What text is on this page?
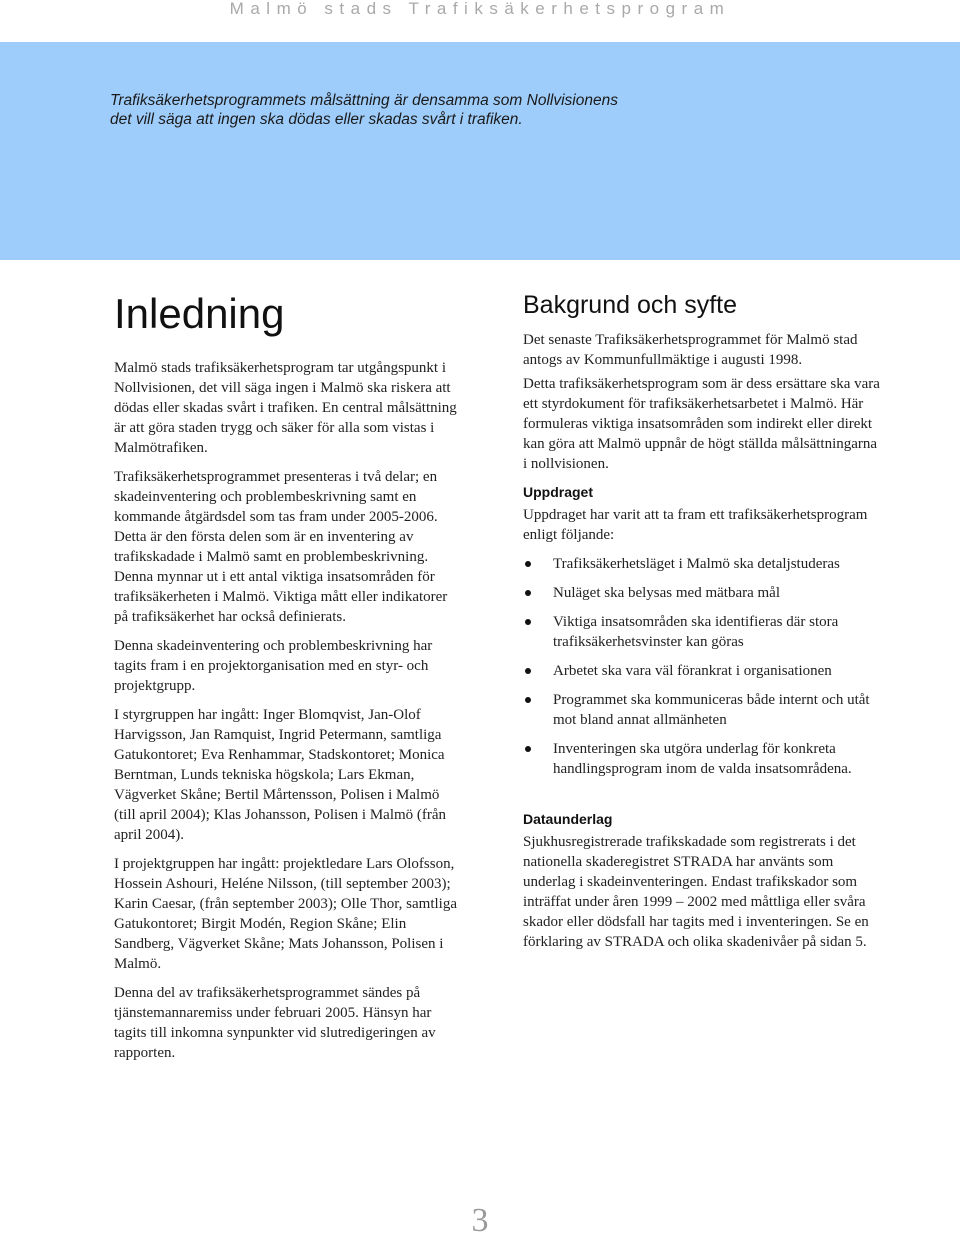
Malmö stads Trafiksäkerhetsprogram
Trafiksäkerhetsprogrammets målsättning är densamma som Nollvisionens
det vill säga att ingen ska dödas eller skadas svårt i trafiken.
Inledning

Malmö stads trafiksäkerhetsprogram tar utgångspunkt i Nollvisionen, det vill säga ingen i Malmö ska riskera att dödas eller skadas svårt i trafiken. En central målsättning är att göra staden trygg och säker för alla som vistas i Malmötrafiken.

Trafiksäkerhetsprogrammet presenteras i två delar; en skadeinventering och problembeskrivning samt en kommande åtgärdsdel som tas fram under 2005-2006. Detta är den första delen som är en inventering av trafikskadade i Malmö samt en problembeskrivning. Denna mynnar ut i ett antal viktiga insatsområden för trafiksäkerheten i Malmö. Viktiga mått eller indikatorer på trafiksäkerhet har också definierats.

Denna skadeinventering och problembeskrivning har tagits fram i en projektorganisation med en styr- och projektgrupp.

I styrgruppen har ingått: Inger Blomqvist, Jan-Olof Harvigsson, Jan Ramquist, Ingrid Petermann, samtliga Gatukontoret; Eva Renhammar, Stadskontoret; Monica Berntman, Lunds tekniska högskola; Lars Ekman, Vägverket Skåne; Bertil Mårtensson, Polisen i Malmö (till april 2004); Klas Johansson, Polisen i Malmö (från april 2004).

I projektgruppen har ingått: projektledare Lars Olofsson, Hossein Ashouri, Heléne Nilsson, (till september 2003); Karin Caesar, (från september 2003); Olle Thor, samtliga Gatukontoret; Birgit Modén, Region Skåne; Elin Sandberg, Vägverket Skåne; Mats Johansson, Polisen i Malmö.

Denna del av trafiksäkerhetsprogrammet sändes på tjänstemannaremiss under februari 2005. Hänsyn har tagits till inkomna synpunkter vid slutredigeringen av rapporten.

Bakgrund och syfte

Det senaste Trafiksäkerhetsprogrammet för Malmö stad antogs av Kommunfullmäktige i augusti 1998.

Detta trafiksäkerhetsprogram som är dess ersättare ska vara ett styrdokument för trafiksäkerhetsarbetet i Malmö. Här formuleras viktiga insatsområden som indirekt eller direkt kan göra att Malmö uppnår de högt ställda målsättningarna i nollvisionen.

Uppdraget

Uppdraget har varit att ta fram ett trafiksäkerhetsprogram enligt följande:

Trafiksäkerhetsläget i Malmö ska detaljstuderas
Nuläget ska belysas med mätbara mål
Viktiga insatsområden ska identifieras där stora trafiksäkerhetsvinster kan göras
Arbetet ska vara väl förankrat i organisationen
Programmet ska kommuniceras både internt och utåt mot bland annat allmänheten
Inventeringen ska utgöra underlag för konkreta handlingsprogram inom de valda insatsområdena.
Dataunderlag

Sjukhusregistrerade trafikskadade som registrerats i det nationella skaderegistret STRADA har använts som underlag i skadeinventeringen. Endast trafikskador som inträffat under åren 1999 – 2002 med måttliga eller svåra skador eller dödsfall har tagits med i inventeringen. Se en förklaring av STRADA och olika skadenivåer på sidan 5.

3
